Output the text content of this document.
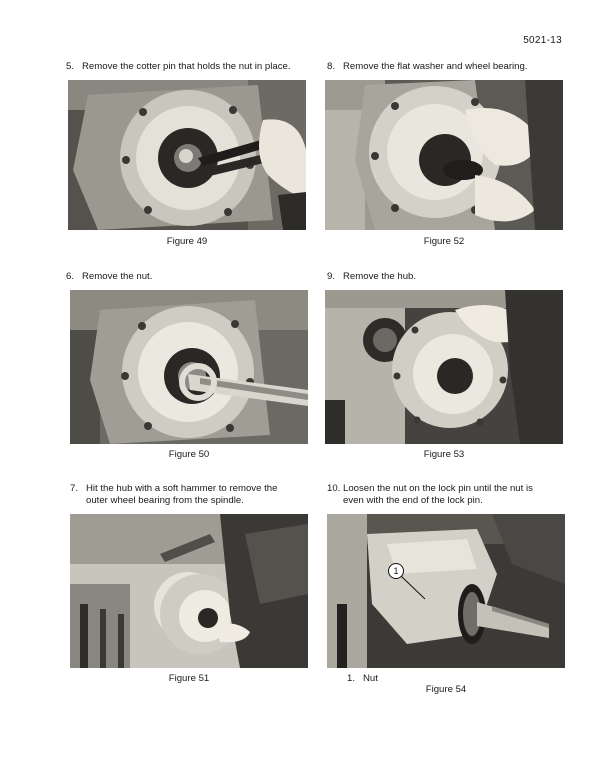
5021-13
5. Remove the cotter pin that holds the nut in place.
Figure 49
6. Remove the nut.
Figure 50
7. Hit the hub with a soft hammer to remove the
outer wheel bearing from the spindle.
Figure 51
8. Remove the flat washer and wheel bearing.
Figure 52
9. Remove the hub.
Figure 53
10. Loosen the nut on the lock pin until the nut is
even with the end of the lock pin.
1
1. Nut
Figure 54
